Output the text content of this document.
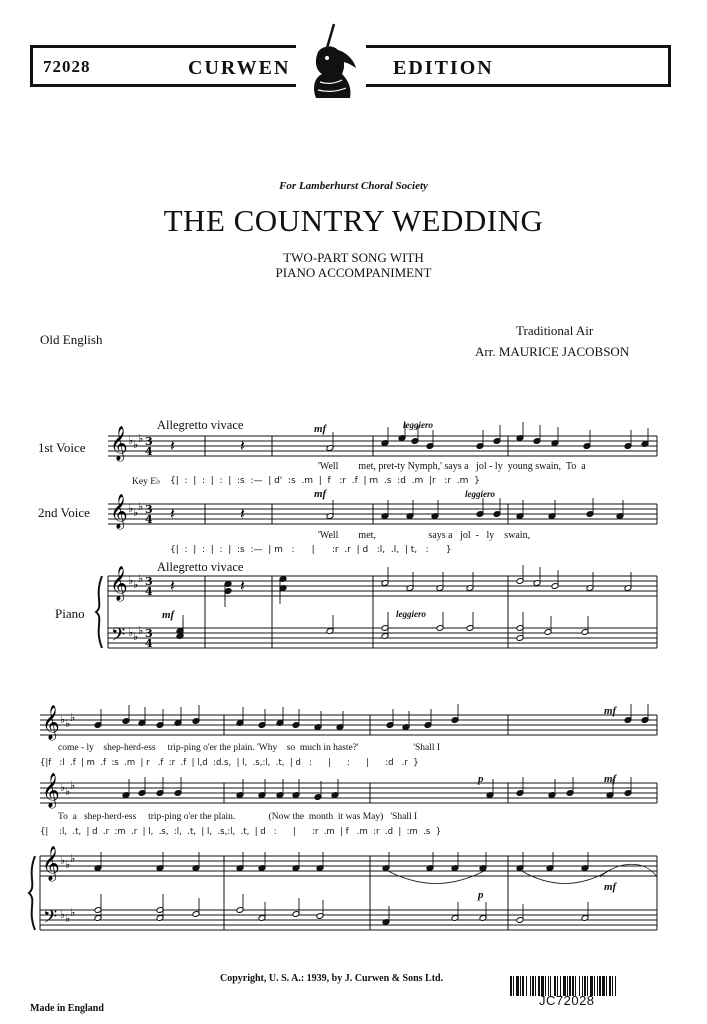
72028	CURWEN	EDITION
For Lamberhurst Choral Society
THE COUNTRY WEDDING
TWO-PART SONG WITH
PIANO ACCOMPANIMENT
Old English
Traditional Air
Arr. MAURICE JACOBSON
Allegretto vivace
1st Voice
2nd Voice
Piano
Allegretto vivace
mf
mf
mf
leggiero
leggiero
leggiero
Key E♭
'Well        met, pret-ty Nymph,' says a   jol - ly  young swain,  To  a
{|  :  |  :  |  :  |  :s  :—  | d'  :s  .m  |  f   :r  .f  | m  .s  :d  .m  |r   :r  .m  }
'Well        met,                     says a   jol  -   ly    swain,
{|  :  |  :  |  :  |  :s  :—  | m   :      |      :r  .r  | d   :l,  .l,  | t,   :      }
mf
p	mf
p
mf
come - ly    shep-herd-ess     trip-ping o'er the plain. 'Why    so  much in haste?'                       'Shall I
{|f   :l  .f  | m  .f  :s  .m  | r   .f  :r  .f  | l,d  :d.s,  | l,  .s,:l,  .t,  | d   :      |      :      |      :d   .r  }
To  a   shep-herd-ess     trip-ping o'er the plain.              (Now the  month  it was May)   'Shall I
{|    :l,  .t,  | d  .r  :m  .r  | l,  .s,  :l,  .t,  | l,  .s,:l,  .t,  | d   :      |      :r  .m  | f   .m  :r  .d  |  :m  .s  }
𝄞
𝄞
𝄞
𝄢
♭ ♭ ♭ 3
4
♭ ♭ ♭ 3
4
♭ ♭ ♭ 3
4
♭ ♭ ♭ 3
4
𝄽	𝄽
𝄽	𝄽
𝄽	𝄽
𝄞
𝄞
𝄞
𝄢
♭ ♭ ♭
♭ ♭ ♭
♭ ♭ ♭
♭ ♭ ♭
Copyright, U. S. A.: 1939, by J. Curwen & Sons Ltd.
Made in England
JC72028
